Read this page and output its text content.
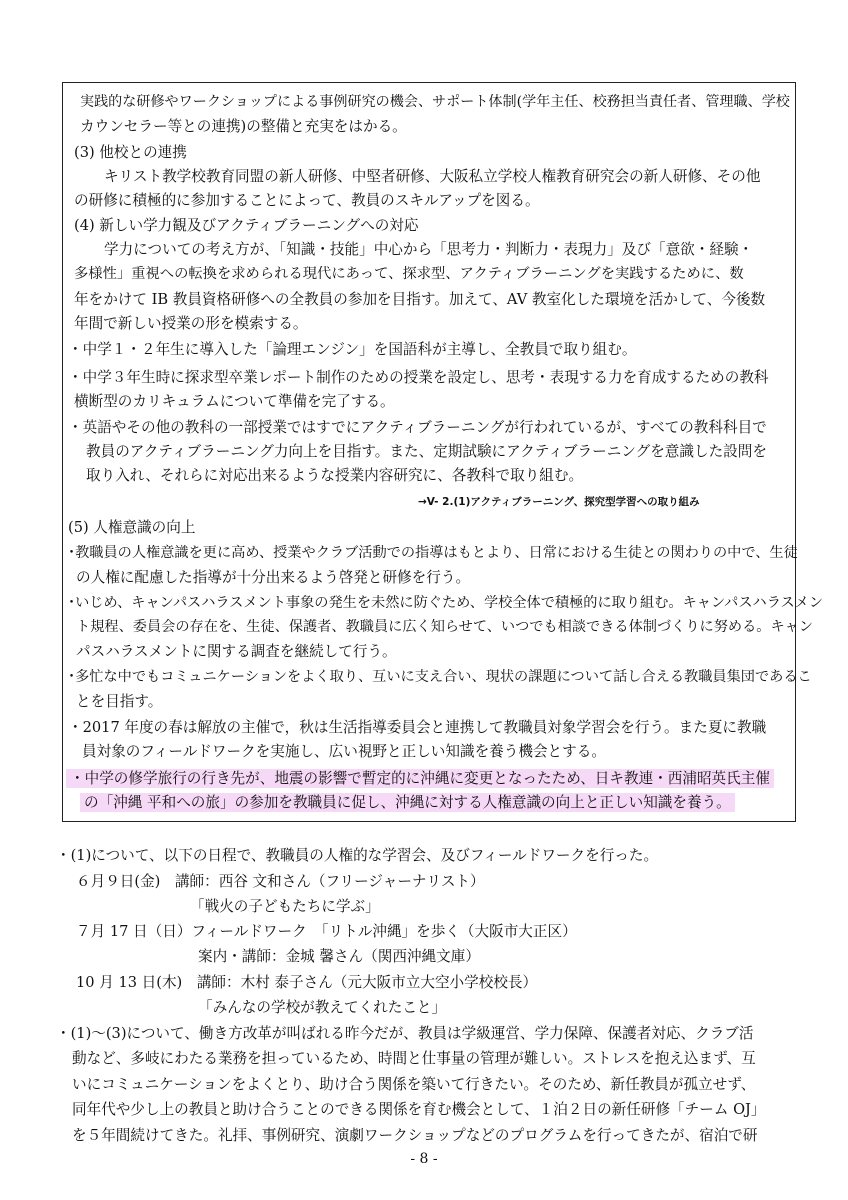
実践的な研修やワークショップによる事例研究の機会、サポート体制(学年主任、校務担当責任者、管理職、学校
カウンセラー等との連携)の整備と充実をはかる。
(3) 他校との連携
キリスト教学校教育同盟の新人研修、中堅者研修、大阪私立学校人権教育研究会の新人研修、その他
の研修に積極的に参加することによって、教員のスキルアップを図る。
(4) 新しい学力観及びアクティブラーニングへの対応
学力についての考え方が、「知識・技能」中心から「思考力・判断力・表現力」及び「意欲・経験・
多様性」重視への転換を求められる現代にあって、探求型、アクティブラーニングを実践するために、数
年をかけて IB 教員資格研修への全教員の参加を目指す。加えて、AV 教室化した環境を活かして、今後数
年間で新しい授業の形を模索する。
・中学１・２年生に導入した「論理エンジン」を国語科が主導し、全教員で取り組む。
・中学３年生時に探求型卒業レポート制作のための授業を設定し、思考・表現する力を育成するための教科
横断型のカリキュラムについて準備を完了する。
・英語やその他の教科の一部授業ではすでにアクティブラーニングが行われているが、すべての教科科目で
教員のアクティブラーニング力向上を目指す。また、定期試験にアクティブラーニングを意識した設問を
取り入れ、それらに対応出来るような授業内容研究に、各教科で取り組む。
→V- 2.(1)アクティブラーニング、探究型学習への取り組み
(5) 人権意識の向上
･教職員の人権意識を更に高め、授業やクラブ活動での指導はもとより、日常における生徒との関わりの中で、生徒
の人権に配慮した指導が十分出来るよう啓発と研修を行う。
･いじめ、キャンパスハラスメント事象の発生を未然に防ぐため、学校全体で積極的に取り組む。キャンパスハラスメン
ト規程、委員会の存在を、生徒、保護者、教職員に広く知らせて、いつでも相談できる体制づくりに努める。キャン
パスハラスメントに関する調査を継続して行う。
･多忙な中でもコミュニケーションをよく取り、互いに支え合い、現状の課題について話し合える教職員集団であるこ
とを目指す。
・2017 年度の春は解放の主催で，秋は生活指導委員会と連携して教職員対象学習会を行う。また夏に教職
員対象のフィールドワークを実施し、広い視野と正しい知識を養う機会とする。
・中学の修学旅行の行き先が、地震の影響で暫定的に沖縄に変更となったため、日キ教連・西浦昭英氏主催
の「沖縄 平和への旅」の参加を教職員に促し、沖縄に対する人権意識の向上と正しい知識を養う。
・(1)について、以下の日程で、教職員の人権的な学習会、及びフィールドワークを行った。
６月９日(金)　講師：西谷 文和さん（フリージャーナリスト）
「戦火の子どもたちに学ぶ」
７月 17 日（日）フィールドワーク　「リトル沖縄」を歩く（大阪市大正区）
案内・講師：金城 馨さん（関西沖縄文庫）
10 月 13 日(木)　講師：木村 泰子さん（元大阪市立大空小学校校長）
「みんなの学校が教えてくれたこと」
・(1)～(3)について、働き方改革が叫ばれる昨今だが、教員は学級運営、学力保障、保護者対応、クラブ活
動など、多岐にわたる業務を担っているため、時間と仕事量の管理が難しい。ストレスを抱え込まず、互
いにコミュニケーションをよくとり、助け合う関係を築いて行きたい。そのため、新任教員が孤立せず、
同年代や少し上の教員と助け合うことのできる関係を育む機会として、１泊２日の新任研修「チーム OJ」
を５年間続けてきた。礼拝、事例研究、演劇ワークショップなどのプログラムを行ってきたが、宿泊で研
- 8 -
